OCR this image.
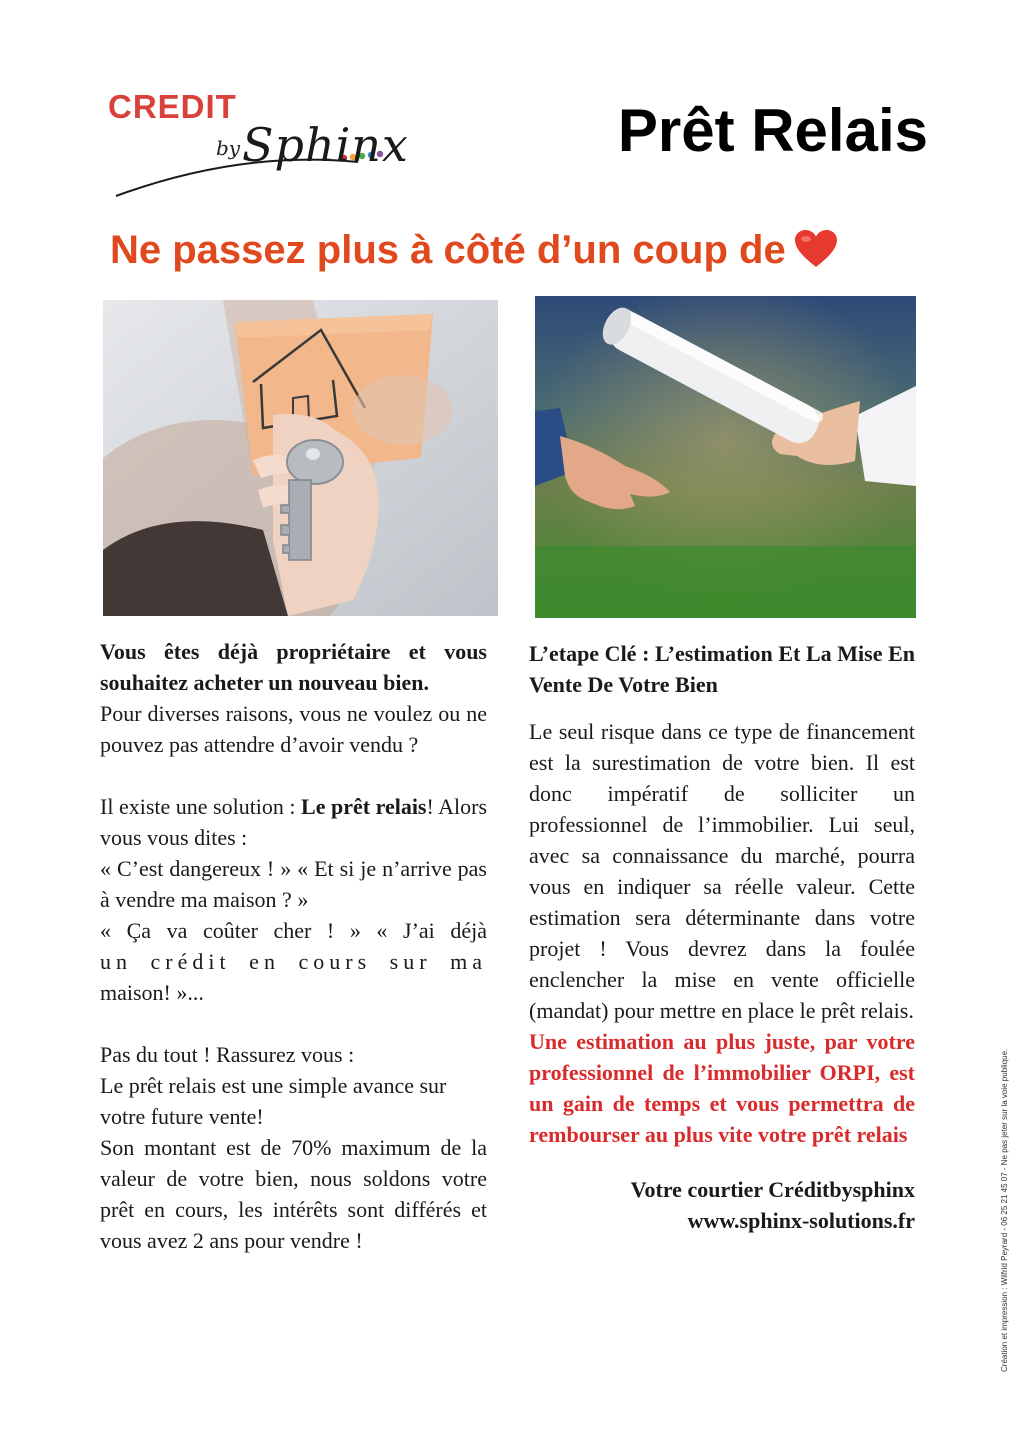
CREDIT
by Sphinx	Prêt Relais
Ne passez plus à côté d’un coup de

Vous êtes déjà propriétaire et vous souhaitez acheter un nouveau bien.

Pour diverses raisons, vous ne voulez ou ne pouvez pas attendre d’avoir vendu ?

Il existe une solution : Le prêt relais! Alors vous vous dites :

« C’est dangereux ! » « Et si je n’arrive pas à vendre ma maison ? »

« Ça va coûter cher ! » « J’ai déjà

un crédit en cours sur ma

maison! »...

Pas du tout ! Rassurez vous :

Le prêt relais est une simple avance sur votre future vente!

Son montant est de 70% maximum de la valeur de votre bien, nous soldons votre prêt en cours, les intérêts sont différés et vous avez 2 ans pour vendre !

L’etape Clé : L’estimation Et La Mise En Vente De Votre Bien

Le seul risque dans ce type de financement est la surestimation de votre bien. Il est donc impératif de solliciter un professionnel de l’immobilier. Lui seul, avec sa connaissance du marché, pourra vous en indiquer sa réelle valeur. Cette estimation sera déterminante dans votre projet ! Vous devrez dans la foulée enclencher la mise en vente officielle (mandat) pour mettre en place le prêt relais.

Une estimation au plus juste, par votre professionnel de l’immobilier ORPI, est un gain de temps et vous permettra de rembourser au plus vite votre prêt relais

Votre courtier Créditbysphinx

www.sphinx-solutions.fr	Création et impression : Wilfrid Peyrard - 06 25 21 45 07 - Ne pas jeter sur la voie publique.
